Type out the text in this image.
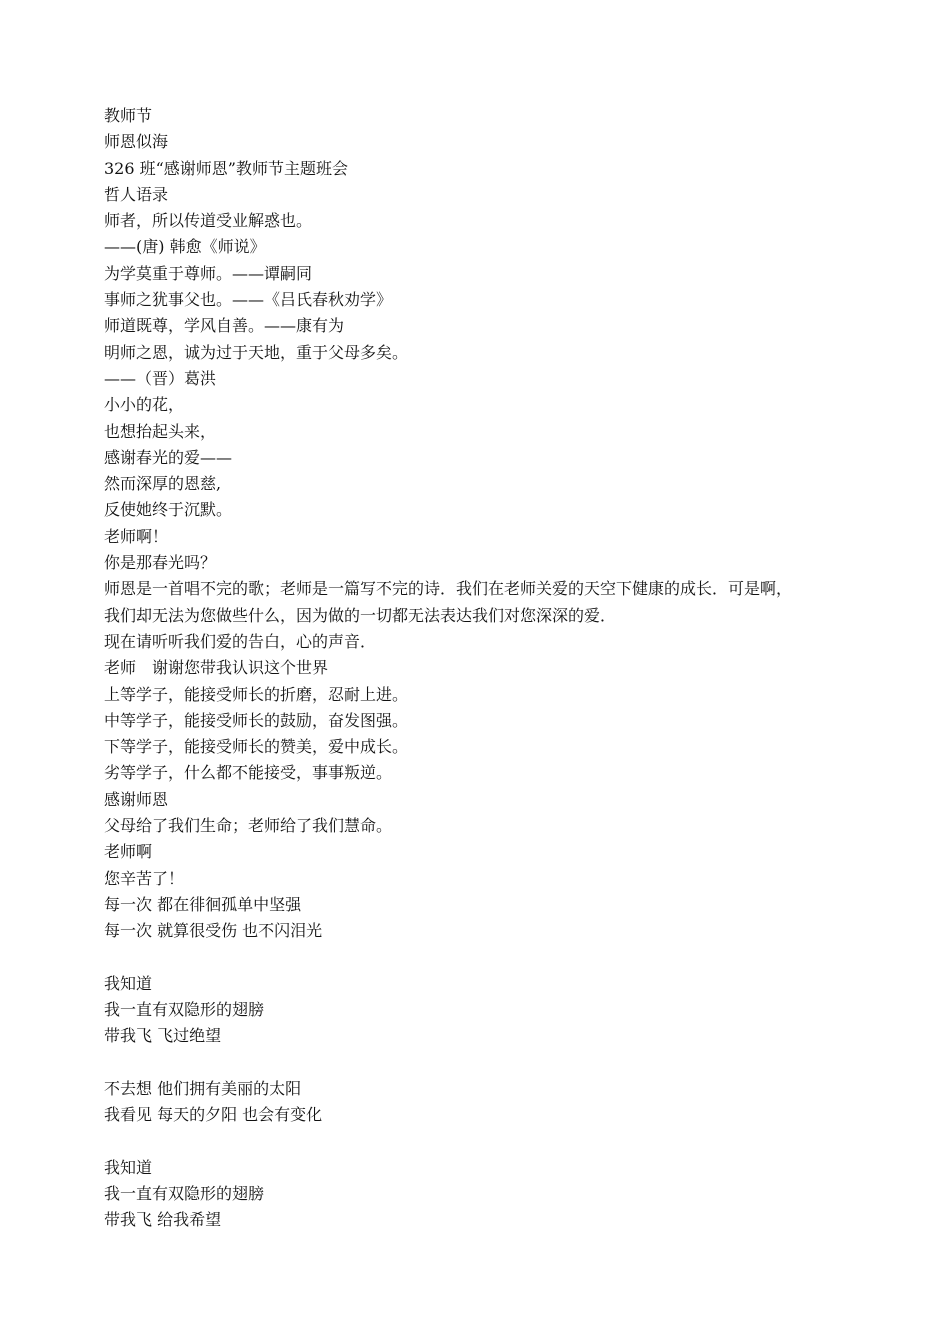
教师节
师恩似海
326 班“感谢师恩”教师节主题班会
哲人语录
师者，所以传道受业解惑也。
——(唐) 韩愈《师说》
为学莫重于尊师。——谭嗣同
事师之犹事父也。——《吕氏春秋劝学》
师道既尊，学风自善。——康有为
明师之恩，诚为过于天地，重于父母多矣。
——（晋）葛洪
小小的花，
也想抬起头来，
感谢春光的爱——
然而深厚的恩慈,
反使她终于沉默。
老师啊！
你是那春光吗？
师恩是一首唱不完的歌；老师是一篇写不完的诗．我们在老师关爱的天空下健康的成长．可是啊，
我们却无法为您做些什么，因为做的一切都无法表达我们对您深深的爱．
现在请听听我们爱的告白，心的声音．
老师　谢谢您带我认识这个世界
上等学子，能接受师长的折磨，忍耐上进。
中等学子，能接受师长的鼓励，奋发图强。
下等学子，能接受师长的赞美，爱中成长。
劣等学子，什么都不能接受，事事叛逆。
感谢师恩
父母给了我们生命；老师给了我们慧命。
老师啊
您辛苦了！
每一次 都在徘徊孤单中坚强
每一次 就算很受伤 也不闪泪光
我知道
我一直有双隐形的翅膀
带我飞 飞过绝望
不去想 他们拥有美丽的太阳
我看见 每天的夕阳 也会有变化
我知道
我一直有双隐形的翅膀
带我飞 给我希望
